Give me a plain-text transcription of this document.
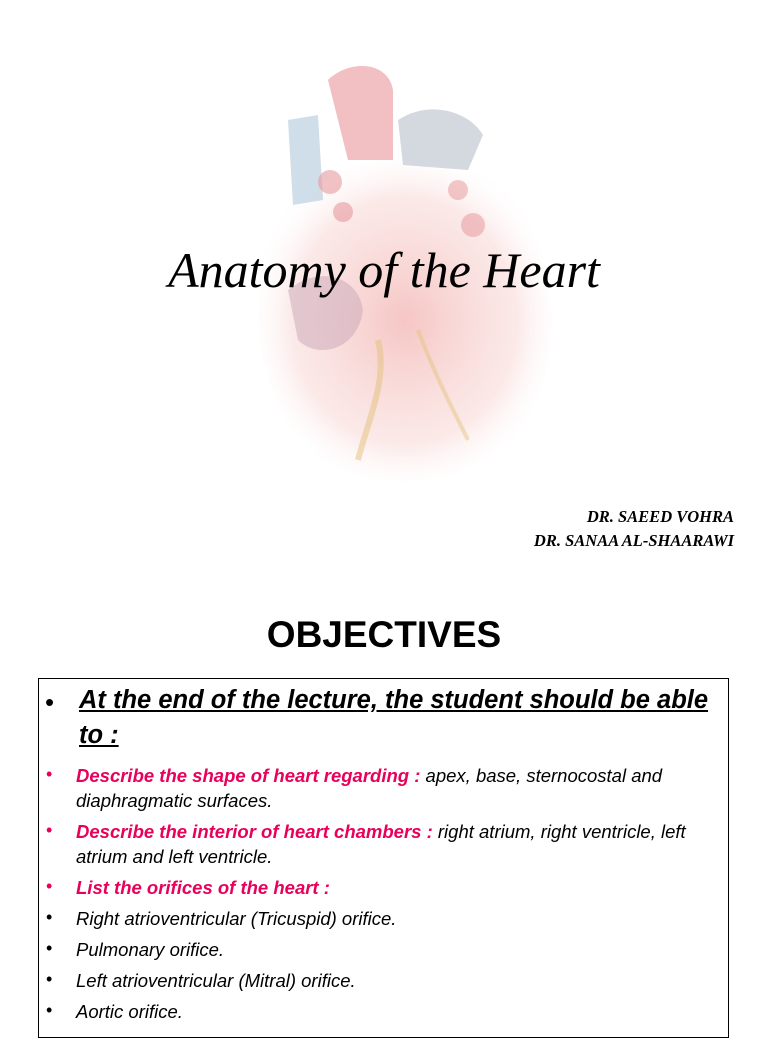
Anatomy of the Heart
DR. SAEED VOHRA
DR. SANAA AL-SHAARAWI
OBJECTIVES
• At the end of the lecture, the student should be able to :
• Describe the shape of heart regarding : apex, base, sternocostal and diaphragmatic surfaces.
• Describe the interior of heart chambers : right atrium, right ventricle, left atrium and left ventricle.
• List the orifices of the heart :
• Right atrioventricular (Tricuspid) orifice.
• Pulmonary orifice.
• Left atrioventricular (Mitral) orifice.
• Aortic orifice.
